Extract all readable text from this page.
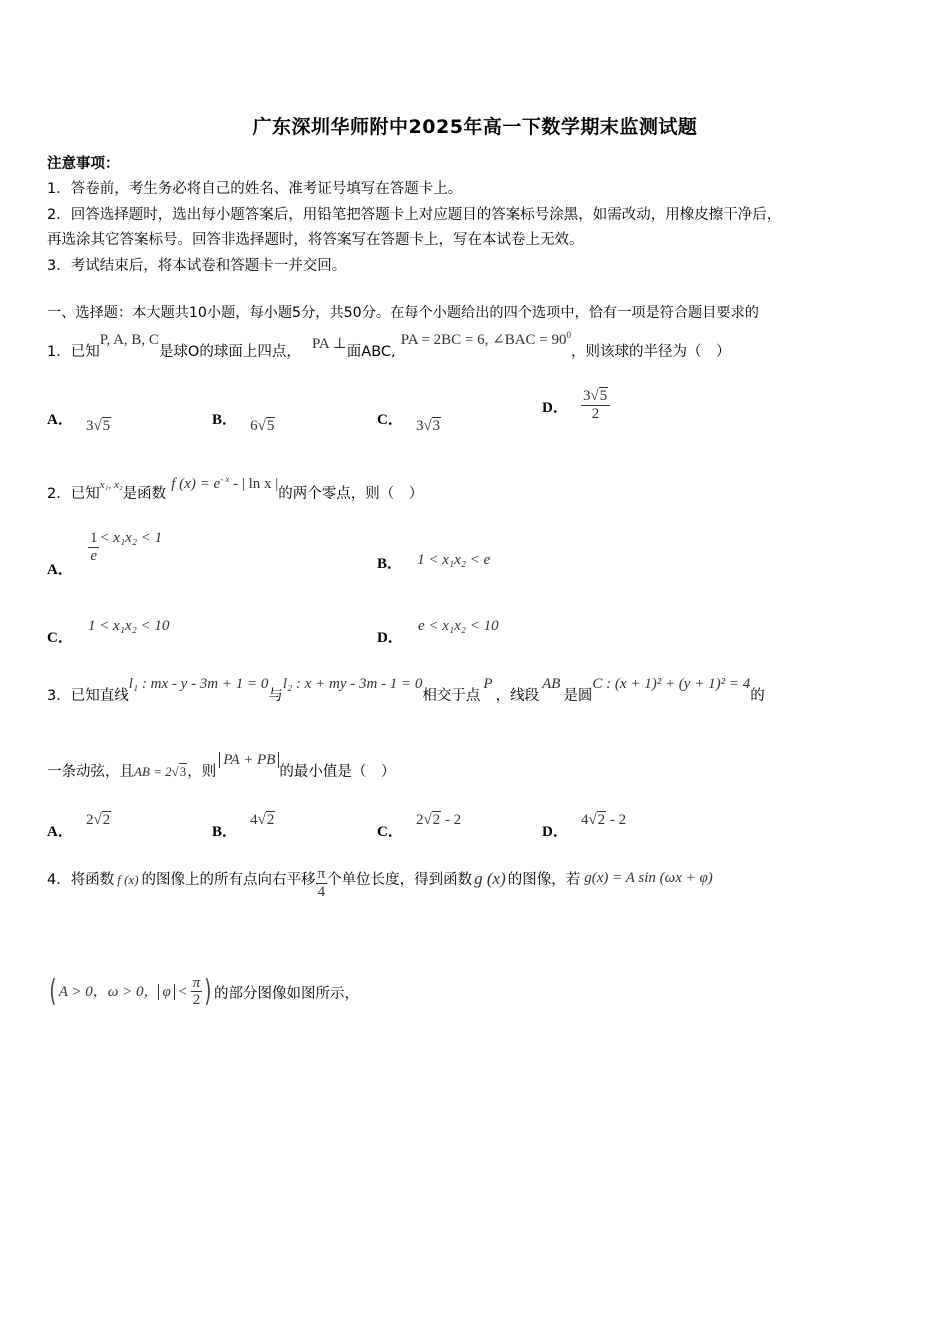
广东深圳华师附中2025年高一下数学期末监测试题
注意事项：
1．答卷前，考生务必将自己的姓名、准考证号填写在答题卡上。
2．回答选择题时，选出每小题答案后，用铅笔把答题卡上对应题目的答案标号涂黑，如需改动，用橡皮擦干净后，
再选涂其它答案标号。回答非选择题时，将答案写在答题卡上，写在本试卷上无效。
3．考试结束后，将本试卷和答题卡一并交回。
一、选择题：本大题共10小题，每小题5分，共50分。在每个小题给出的四个选项中，恰有一项是符合题目要求的
1．已知P, A, B, C是球O的球面上四点， PA ⊥面ABC, PA = 2BC = 6, ∠BAC = $90^0$，则该球的半径为（　）
A． 3√5	B． 6√5	C． 3√3
D． $\frac{3√5}{2}$
2．已知x₁, x₂是函数 f $(x) = e^{- x}$ - | ln x |的两个零点，则（　）
A．
$\frac{1}{e} < x_1x_2 < 1$
B． 1 < x₁x₂ < e
C． 1 < x₁x₂ < 10
D． e < x₁x₂ < 10
3．已知直线l₁ : mx - y - 3m + 1 = 0与l₂ : x + my - 3m - 1 = 0相交于点P，线段AB是圆C : (x + 1)² + (y + 1)² = 4的
一条动弦，且$_{AB = 2√3}$，则PA + PB的最小值是（　）
A． 2√2
B． 4√2
C． 2√2 - 2
D． 4√2 - 2
4．将函数 $^{f (x)}$ 的图像上的所有点向右平移 $\frac{\pi}{4}$ 个单位长度，得到函数 g (x) 的图像，若 g(x) = A sin (ωx + φ)
( A > 0，ω > 0， $\varphi < \frac{\pi}{2}$ ) 的部分图像如图所示，
